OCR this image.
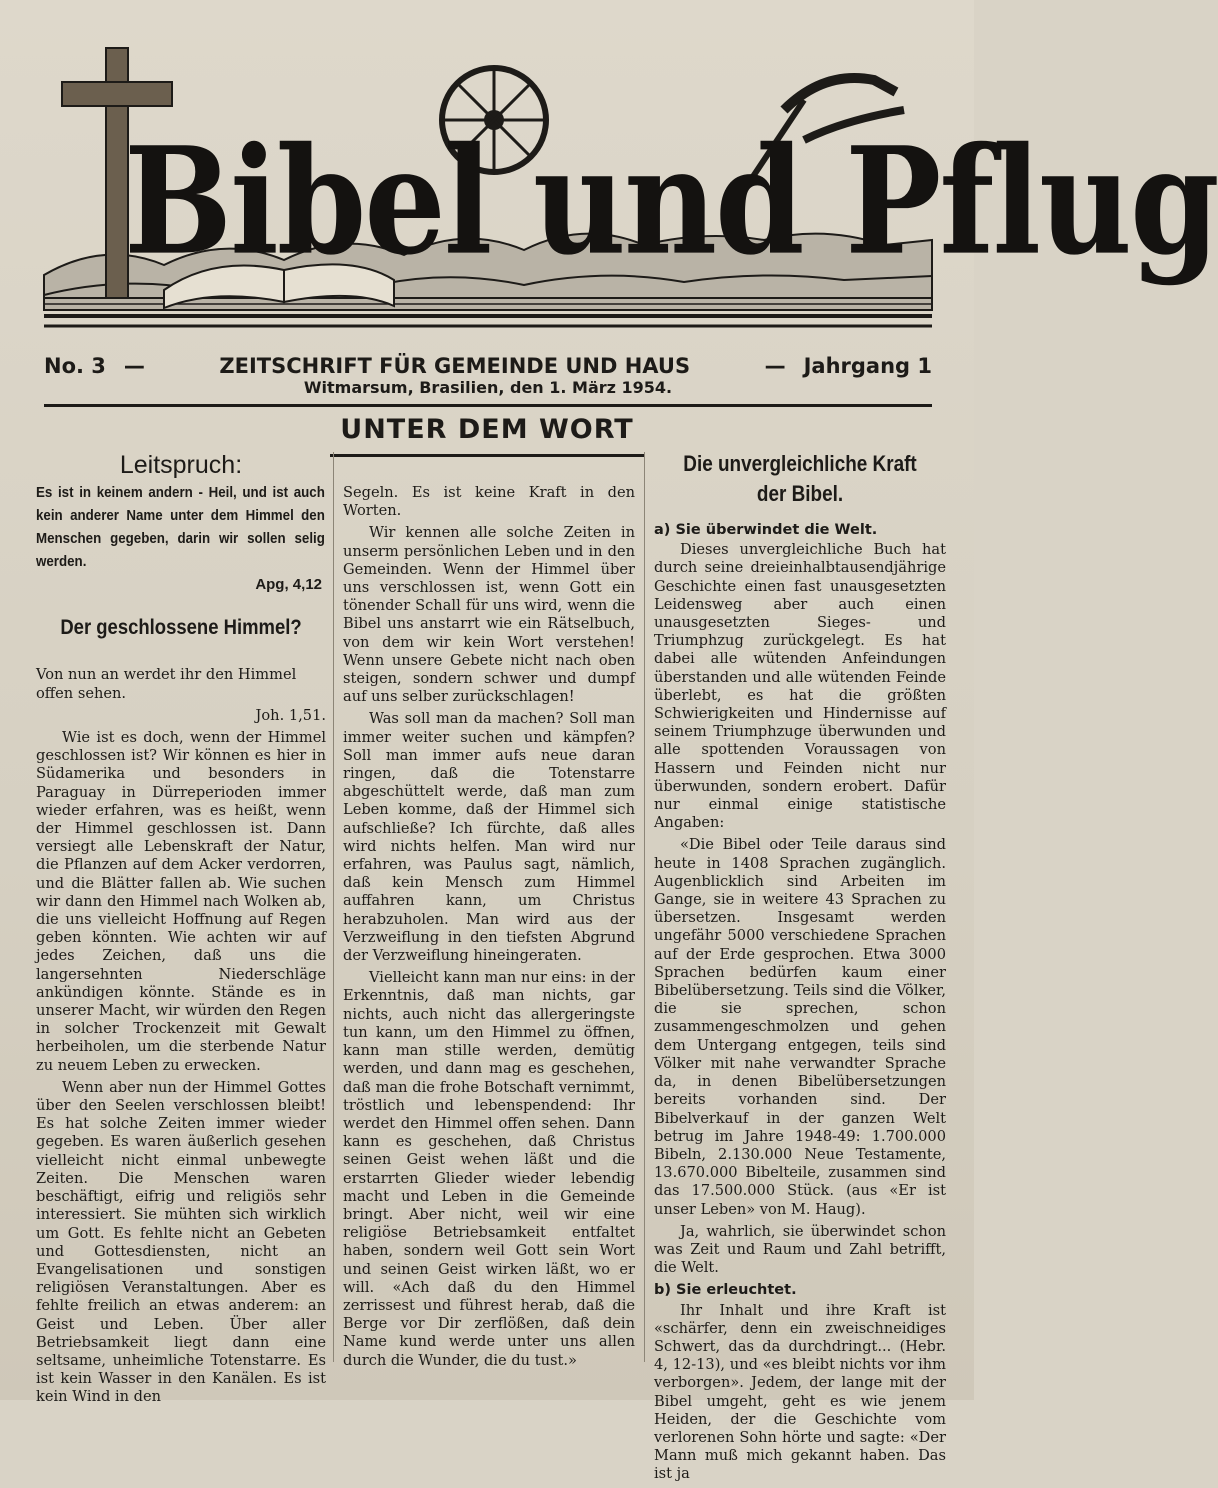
Bibel und Pflug
No. 3 —	ZEITSCHRIFT FÜR GEMEINDE UND HAUS	— Jahrgang 1
Witmarsum, Brasilien, den 1. März 1954.
UNTER DEM WORT
Leitspruch:
Es ist in keinem andern - Heil, und ist auch kein anderer Name unter dem Himmel den Menschen gegeben, darin wir sollen selig werden.
Apg, 4,12
Der geschlossene Himmel?

Von nun an werdet ihr den Himmel offen sehen.

Joh. 1,51.

Wie ist es doch, wenn der Himmel geschlossen ist? Wir können es hier in Südamerika und besonders in Paraguay in Dürreperioden immer wieder erfahren, was es heißt, wenn der Himmel geschlossen ist. Dann versiegt alle Lebenskraft der Natur, die Pflanzen auf dem Acker verdorren, und die Blätter fallen ab. Wie suchen wir dann den Himmel nach Wolken ab, die uns vielleicht Hoffnung auf Regen geben könnten. Wie achten wir auf jedes Zeichen, daß uns die langersehnten Niederschläge ankündigen könnte. Stände es in unserer Macht, wir würden den Regen in solcher Trockenzeit mit Gewalt herbeiholen, um die sterbende Natur zu neuem Leben zu erwecken.

Wenn aber nun der Himmel Gottes über den Seelen verschlossen bleibt! Es hat solche Zeiten immer wieder gegeben. Es waren äußerlich gesehen vielleicht nicht einmal unbewegte Zeiten. Die Menschen waren beschäftigt, eifrig und religiös sehr interessiert. Sie mühten sich wirklich um Gott. Es fehlte nicht an Gebeten und Gottesdiensten, nicht an Evangelisationen und sonstigen religiösen Veranstaltungen. Aber es fehlte freilich an etwas anderem: an Geist und Leben. Über aller Betriebsamkeit liegt dann eine seltsame, unheimliche Totenstarre. Es ist kein Wasser in den Kanälen. Es ist kein Wind in den

Segeln. Es ist keine Kraft in den Worten.

Wir kennen alle solche Zeiten in unserm persönlichen Leben und in den Gemeinden. Wenn der Himmel über uns verschlossen ist, wenn Gott ein tönender Schall für uns wird, wenn die Bibel uns anstarrt wie ein Rätselbuch, von dem wir kein Wort verstehen! Wenn unsere Gebete nicht nach oben steigen, sondern schwer und dumpf auf uns selber zurückschlagen!

Was soll man da machen? Soll man immer weiter suchen und kämpfen? Soll man immer aufs neue daran ringen, daß die Totenstarre abgeschüttelt werde, daß man zum Leben komme, daß der Himmel sich aufschließe? Ich fürchte, daß alles wird nichts helfen. Man wird nur erfahren, was Paulus sagt, nämlich, daß kein Mensch zum Himmel auffahren kann, um Christus herabzuholen. Man wird aus der Verzweiflung in den tiefsten Abgrund der Verzweiflung hineingeraten.

Vielleicht kann man nur eins: in der Erkenntnis, daß man nichts, gar nichts, auch nicht das allergeringste tun kann, um den Himmel zu öffnen, kann man stille werden, demütig werden, und dann mag es geschehen, daß man die frohe Botschaft vernimmt, tröstlich und lebenspendend: Ihr werdet den Himmel offen sehen. Dann kann es geschehen, daß Christus seinen Geist wehen läßt und die erstarrten Glieder wieder lebendig macht und Leben in die Gemeinde bringt. Aber nicht, weil wir eine religiöse Betriebsamkeit entfaltet haben, sondern weil Gott sein Wort und seinen Geist wirken läßt, wo er will. «Ach daß du den Himmel zerrissest und führest herab, daß die Berge vor Dir zerflößen, daß dein Name kund werde unter uns allen durch die Wunder, die du tust.»

Die unvergleichliche Kraft der Bibel.
a) Sie überwindet die Welt.

Dieses unvergleichliche Buch hat durch seine dreieinhalbtausendjährige Geschichte einen fast unausgesetzten Leidensweg aber auch einen unausgesetzten Sieges- und Triumphzug zurückgelegt. Es hat dabei alle wütenden Anfeindungen überstanden und alle wütenden Feinde überlebt, es hat die größten Schwierigkeiten und Hindernisse auf seinem Triumphzuge überwunden und alle spottenden Voraussagen von Hassern und Feinden nicht nur überwunden, sondern erobert. Dafür nur einmal einige statistische Angaben:

«Die Bibel oder Teile daraus sind heute in 1408 Sprachen zugänglich. Augenblicklich sind Arbeiten im Gange, sie in weitere 43 Sprachen zu übersetzen. Insgesamt werden ungefähr 5000 verschiedene Sprachen auf der Erde gesprochen. Etwa 3000 Sprachen bedürfen kaum einer Bibelübersetzung. Teils sind die Völker, die sie sprechen, schon zusammengeschmolzen und gehen dem Untergang entgegen, teils sind Völker mit nahe verwandter Sprache da, in denen Bibelübersetzungen bereits vorhanden sind. Der Bibelverkauf in der ganzen Welt betrug im Jahre 1948-49: 1.700.000 Bibeln, 2.130.000 Neue Testamente, 13.670.000 Bibelteile, zusammen sind das 17.500.000 Stück. (aus «Er ist unser Leben» von M. Haug).

Ja, wahrlich, sie überwindet schon was Zeit und Raum und Zahl betrifft, die Welt.

b) Sie erleuchtet.

Ihr Inhalt und ihre Kraft ist «schärfer, denn ein zweischneidiges Schwert, das da durchdringt... (Hebr. 4, 12-13), und «es bleibt nichts vor ihm verborgen». Jedem, der lange mit der Bibel umgeht, geht es wie jenem Heiden, der die Geschichte vom verlorenen Sohn hörte und sagte: «Der Mann muß mich gekannt haben. Das ist ja
